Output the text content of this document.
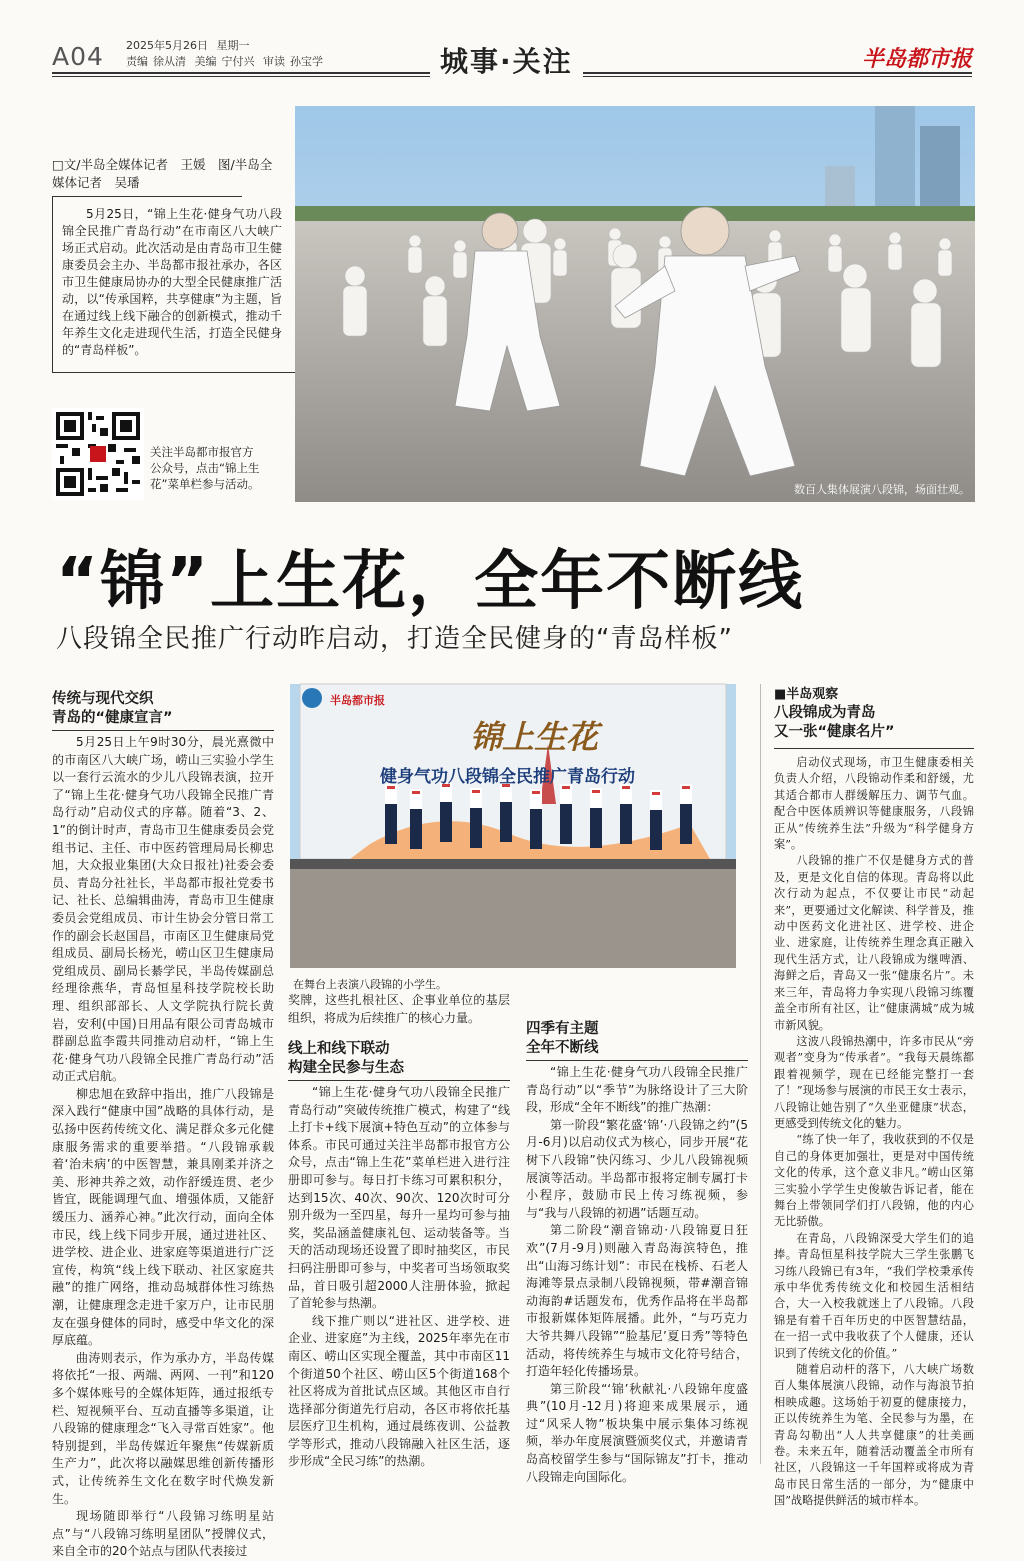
A04 2025年5月26日 星期一
责编 徐从清 美编 宁付兴 审读 孙宝学	城事·关注	半岛都市报
□文/半岛全媒体记者　王媛　图/半岛全媒体记者　吴璠
5月25日，“锦上生花·健身气功八段锦全民推广青岛行动”在市南区八大峡广场正式启动。此次活动是由青岛市卫生健康委员会主办、半岛都市报社承办，各区市卫生健康局协办的大型全民健康推广活动，以“传承国粹，共享健康”为主题，旨在通过线上线下融合的创新模式，推动千年养生文化走进现代生活，打造全民健身的“青岛样板”。
关注半岛都市报官方公众号，点击“锦上生花”菜单栏参与活动。	数百人集体展演八段锦，场面壮观。
“锦”上生花，全年不断线
八段锦全民推广行动昨启动，打造全民健身的“青岛样板”
传统与现代交织
青岛的“健康宣言”

5月25日上午9时30分，晨光熹微中的市南区八大峡广场，崂山三实验小学生以一套行云流水的少儿八段锦表演，拉开了“锦上生花·健身气功八段锦全民推广青岛行动”启动仪式的序幕。随着“3、2、1”的倒计时声，青岛市卫生健康委员会党组书记、主任、市中医药管理局局长柳忠旭，大众报业集团(大众日报社)社委会委员、青岛分社社长，半岛都市报社党委书记、社长、总编辑曲涛，青岛市卫生健康委员会党组成员、市计生协会分管日常工作的副会长赵国昌，市南区卫生健康局党组成员、副局长杨光，崂山区卫生健康局党组成员、副局长綦学民，半岛传媒副总经理徐燕华，青岛恒星科技学院校长助理、组织部部长、人文学院执行院长黄岩，安利(中国)日用品有限公司青岛城市群副总监李霞共同推动启动杆，“锦上生花·健身气功八段锦全民推广青岛行动”活动正式启航。

柳忠旭在致辞中指出，推广八段锦是深入践行“健康中国”战略的具体行动，是弘扬中医药传统文化、满足群众多元化健康服务需求的重要举措。“八段锦承载着‘治未病’的中医智慧，兼具刚柔并济之美、形神共养之效，动作舒缓连贯、老少皆宜，既能调理气血、增强体质，又能舒缓压力、涵养心神。”此次行动，面向全体市民，线上线下同步开展，通过进社区、进学校、进企业、进家庭等渠道进行广泛宣传，构筑“线上线下联动、社区家庭共融”的推广网络，推动岛城群体性习练热潮，让健康理念走进千家万户，让市民朋友在强身健体的同时，感受中华文化的深厚底蕴。

曲涛则表示，作为承办方，半岛传媒将依托“一报、两端、两网、一刊”和120多个媒体账号的全媒体矩阵，通过报纸专栏、短视频平台、互动直播等多渠道，让八段锦的健康理念“飞入寻常百姓家”。他特别提到，半岛传媒近年聚焦“传媒新质生产力”，此次将以融媒思维创新传播形式，让传统养生文化在数字时代焕发新生。

现场随即举行“八段锦习练明星站点”与“八段锦习练明星团队”授牌仪式，来自全市的20个站点与团队代表接过

半岛都市报
锦上生花
健身气功八段锦全民推广青岛行动
在舞台上表演八段锦的小学生。

奖牌，这些扎根社区、企事业单位的基层组织，将成为后续推广的核心力量。

线上和线下联动
构建全民参与生态

“锦上生花·健身气功八段锦全民推广青岛行动”突破传统推广模式，构建了“线上打卡+线下展演+特色互动”的立体参与体系。市民可通过关注半岛都市报官方公众号，点击“锦上生花”菜单栏进入进行注册即可参与。每日打卡练习可累积积分，达到15次、40次、90次、120次时可分别升级为一至四星，每升一星均可参与抽奖，奖品涵盖健康礼包、运动装备等。当天的活动现场还设置了即时抽奖区，市民扫码注册即可参与，中奖者可当场领取奖品，首日吸引超2000人注册体验，掀起了首轮参与热潮。

线下推广则以“进社区、进学校、进企业、进家庭”为主线，2025年率先在市南区、崂山区实现全覆盖，其中市南区11个街道50个社区、崂山区5个街道168个社区将成为首批试点区域。其他区市自行选择部分街道先行启动，各区市将依托基层医疗卫生机构，通过晨练夜训、公益教学等形式，推动八段锦融入社区生活，逐步形成“全民习练”的热潮。

四季有主题
全年不断线

“锦上生花·健身气功八段锦全民推广青岛行动”以“季节”为脉络设计了三大阶段，形成“全年不断线”的推广热潮：

第一阶段“繁花盛‘锦’·八段锦之约”(5月-6月)以启动仪式为核心，同步开展“花树下八段锦”快闪练习、少儿八段锦视频展演等活动。半岛都市报将定制专属打卡小程序，鼓励市民上传习练视频，参与“我与八段锦的初遇”话题互动。

第二阶段“潮音锦动·八段锦夏日狂欢”(7月-9月)则融入青岛海滨特色，推出“山海习练计划”：市民在栈桥、石老人海滩等景点录制八段锦视频，带#潮音锦动海韵#话题发布，优秀作品将在半岛都市报新媒体矩阵展播。此外，“与巧克力大爷共舞八段锦”“脸基尼’夏日秀”等特色活动，将传统养生与城市文化符号结合，打造年轻化传播场景。

第三阶段“‘锦’秋献礼·八段锦年度盛典”(10月-12月)将迎来成果展示，通过“风采人物”板块集中展示集体习练视频，举办年度展演暨颁奖仪式，并邀请青岛高校留学生参与“国际锦友”打卡，推动八段锦走向国际化。

■半岛观察
八段锦成为青岛
又一张“健康名片”

启动仪式现场，市卫生健康委相关负责人介绍，八段锦动作柔和舒缓，尤其适合都市人群缓解压力、调节气血。配合中医体质辨识等健康服务，八段锦正从“传统养生法”升级为“科学健身方案”。

八段锦的推广不仅是健身方式的普及，更是文化自信的体现。青岛将以此次行动为起点，不仅要让市民“动起来”，更要通过文化解读、科学普及，推动中医药文化进社区、进学校、进企业、进家庭，让传统养生理念真正融入现代生活方式，让八段锦成为继啤酒、海鲜之后，青岛又一张“健康名片”。未来三年，青岛将力争实现八段锦习练覆盖全市所有社区，让“健康满城”成为城市新风貌。

这波八段锦热潮中，许多市民从“旁观者”变身为“传承者”。“我每天晨练都跟着视频学，现在已经能完整打一套了！”现场参与展演的市民王女士表示，八段锦让她告别了“久坐亚健康”状态，更感受到传统文化的魅力。

“练了快一年了，我收获到的不仅是自己的身体更加强壮，更是对中国传统文化的传承，这个意义非凡。”崂山区第三实验小学学生史俊敏告诉记者，能在舞台上带领同学们打八段锦，他的内心无比骄傲。

在青岛，八段锦深受大学生们的追捧。青岛恒星科技学院大三学生张鹏飞习练八段锦已有3年，“我们学校秉承传承中华优秀传统文化和校园生活相结合，大一入校我就迷上了八段锦。八段锦是有着千百年历史的中医智慧结晶，在一招一式中我收获了个人健康，还认识到了传统文化的价值。”

随着启动杆的落下，八大峡广场数百人集体展演八段锦，动作与海浪节拍相映成趣。这场始于初夏的健康接力，正以传统养生为笔、全民参与为墨，在青岛勾勒出“人人共享健康”的壮美画卷。未来五年，随着活动覆盖全市所有社区，八段锦这一千年国粹或将成为青岛市民日常生活的一部分，为“健康中国”战略提供鲜活的城市样本。
